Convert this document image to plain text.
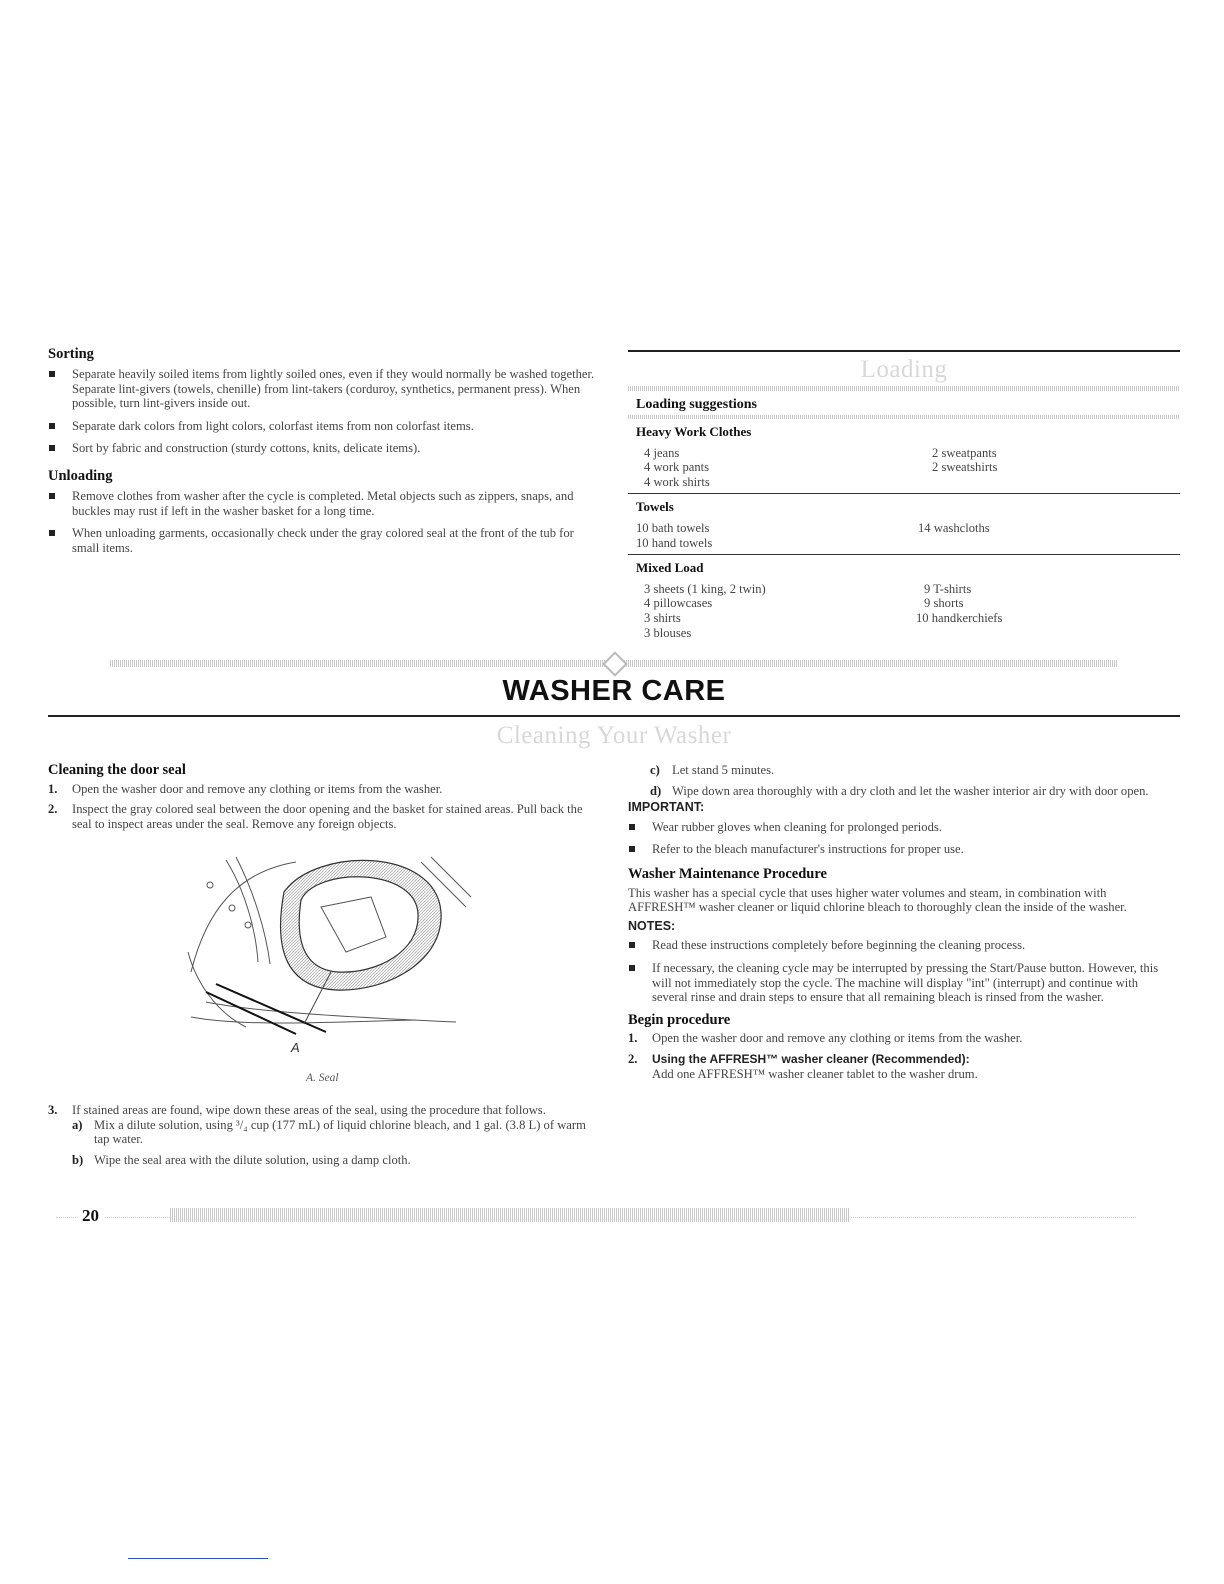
Sorting
Separate heavily soiled items from lightly soiled ones, even if they would normally be washed together. Separate lint-givers (towels, chenille) from lint-takers (corduroy, synthetics, permanent press). When possible, turn lint-givers inside out.
Separate dark colors from light colors, colorfast items from non colorfast items.
Sort by fabric and construction (sturdy cottons, knits, delicate items).
Unloading
Remove clothes from washer after the cycle is completed. Metal objects such as zippers, snaps, and buckles may rust if left in the washer basket for a long time.
When unloading garments, occasionally check under the gray colored seal at the front of the tub for small items.
Loading
Loading suggestions
Heavy Work Clothes
4 jeans
4 work pants
4 work shirts
2 sweatpants
2 sweatshirts
Towels
10 bath towels
10 hand towels
14 washcloths
Mixed Load
3 sheets (1 king, 2 twin)
4 pillowcases
3 shirts
3 blouses
9 T-shirts
9 shorts
10 handkerchiefs
WASHER CARE
Cleaning Your Washer
Cleaning the door seal
1. Open the washer door and remove any clothing or items from the washer.
2. Inspect the gray colored seal between the door opening and the basket for stained areas. Pull back the seal to inspect areas under the seal. Remove any foreign objects.
A
A. Seal
3. If stained areas are found, wipe down these areas of the seal, using the procedure that follows.
a) Mix a dilute solution, using ³/₄ cup (177 mL) of liquid chlorine bleach, and 1 gal. (3.8 L) of warm tap water.
b) Wipe the seal area with the dilute solution, using a damp cloth.
c) Let stand 5 minutes.
d) Wipe down area thoroughly with a dry cloth and let the washer interior air dry with door open.
IMPORTANT:
Wear rubber gloves when cleaning for prolonged periods.
Refer to the bleach manufacturer's instructions for proper use.
Washer Maintenance Procedure
This washer has a special cycle that uses higher water volumes and steam, in combination with AFFRESH™ washer cleaner or liquid chlorine bleach to thoroughly clean the inside of the washer.
NOTES:
Read these instructions completely before beginning the cleaning process.
If necessary, the cleaning cycle may be interrupted by pressing the Start/Pause button. However, this will not immediately stop the cycle. The machine will display "int" (interrupt) and continue with several rinse and drain steps to ensure that all remaining bleach is rinsed from the washer.
Begin procedure
1. Open the washer door and remove any clothing or items from the washer.
2. Using the AFFRESH™ washer cleaner (Recommended):
Add one AFFRESH™ washer cleaner tablet to the washer drum.
20
